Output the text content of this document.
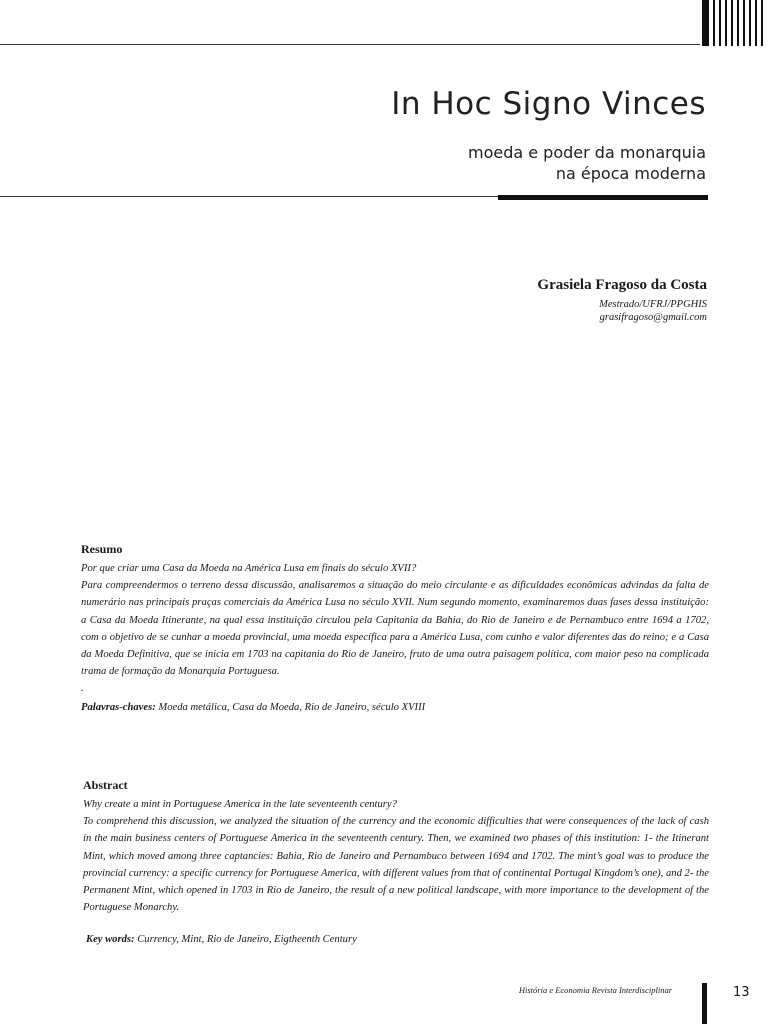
In Hoc Signo Vinces
moeda e poder da monarquia
na época moderna
Grasiela Fragoso da Costa
Mestrado/UFRJ/PPGHIS
grasifragoso@gmail.com
Resumo

Por que criar uma Casa da Moeda na América Lusa em finais do século XVII?

Para compreendermos o terreno dessa discussão, analisaremos a situação do meio circulante e as dificuldades econômicas advindas da falta de numerário nas principais praças comerciais da América Lusa no século XVII. Num segundo momento, examinaremos duas fases dessa instituição: a Casa da Moeda Itinerante, na qual essa instituição circulou pela Capitania da Bahia, do Rio de Janeiro e de Pernambuco entre 1694 a 1702, com o objetivo de se cunhar a moeda provincial, uma moeda específica para a América Lusa, com cunho e valor diferentes das do reino; e a Casa da Moeda Definitiva, que se inicia em 1703 na capitania do Rio de Janeiro, fruto de uma outra paisagem política, com maior peso na complicada trama de formação da Monarquia Portuguesa.

.

Palavras-chaves: Moeda metálica, Casa da Moeda, Rio de Janeiro, século XVIII
Abstract

Why create a mint in Portuguese America in the late seventeenth century?

To comprehend this discussion, we analyzed the situation of the currency and the economic difficulties that were consequences of the lack of cash in the main business centers of Portuguese America in the seventeenth century. Then, we examined two phases of this institution: 1- the Itinerant Mint, which moved among three captancies: Bahia, Rio de Janeiro and Pernambuco between 1694 and 1702. The mint’s goal was to produce the provincial currency: a specific currency for Portuguese America, with different values from that of continental Portugal Kingdom’s one), and 2- the Permanent Mint, which opened in 1703 in Rio de Janeiro, the result of a new political landscape, with more importance to the development of the Portuguese Monarchy.

Key words: Currency, Mint, Rio de Janeiro, Eigtheenth Century
História e Economia Revista Interdisciplinar	13
